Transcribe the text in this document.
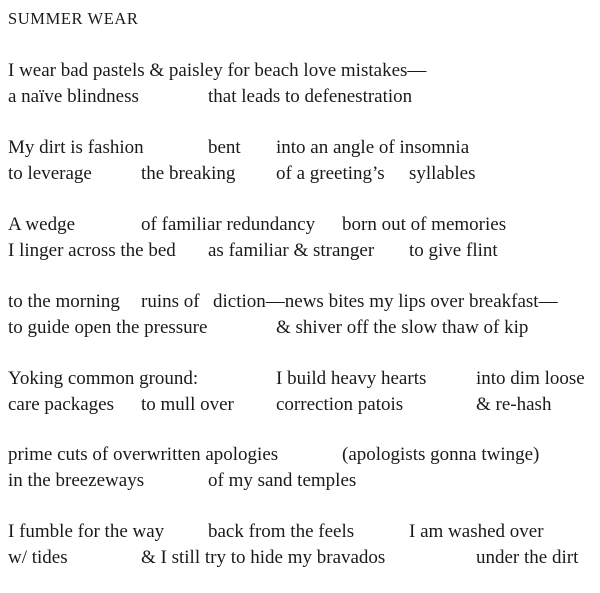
SUMMER WEAR
I wear bad pastels & paisley for beach love mistakes—
a naïve blindness	that leads to defenestration
My dirt is fashion	bent into an angle of insomnia
to leverage	the breaking of a greeting’s syllables
A wedge	of familiar redundancy born out of memories
I linger across the bed as familiar & stranger to give flint
to the morning ruins of diction—news bites my lips over breakfast—
to guide open the pressure	& shiver off the slow thaw of kip
Yoking common ground:	I build heavy hearts	into dim loose
care packages to mull over correction patois	& re-hash
prime cuts of overwritten apologies	(apologists gonna twinge)
in the breezeways	of my sand temples
I fumble for the way back from the feels	I am washed over
w/ tides	& I still try to hide my bravados	under the dirt
